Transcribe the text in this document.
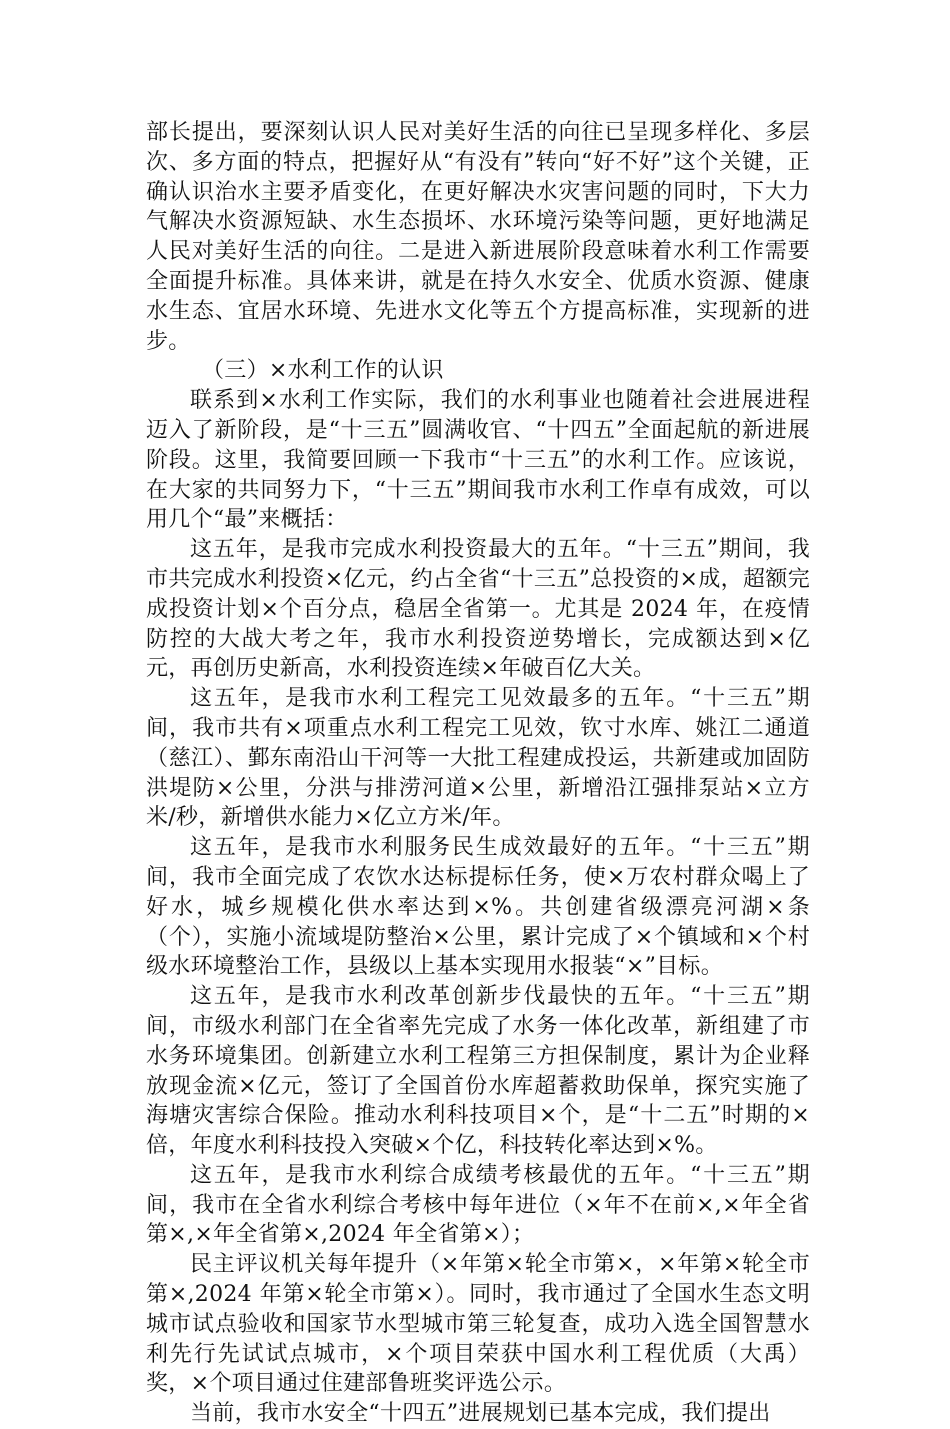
部长提出，要深刻认识人民对美好生活的向往已呈现多样化、多层次、多方面的特点，把握好从“有没有”转向“好不好”这个关键，正确认识治水主要矛盾变化，在更好解决水灾害问题的同时，下大力气解决水资源短缺、水生态损坏、水环境污染等问题，更好地满足人民对美好生活的向往。二是进入新进展阶段意味着水利工作需要全面提升标准。具体来讲，就是在持久水安全、优质水资源、健康水生态、宜居水环境、先进水文化等五个方提高标准，实现新的进步。

（三）×水利工作的认识

联系到×水利工作实际，我们的水利事业也随着社会进展进程迈入了新阶段，是“十三五”圆满收官、“十四五”全面起航的新进展阶段。这里，我简要回顾一下我市“十三五”的水利工作。应该说，在大家的共同努力下，“十三五”期间我市水利工作卓有成效，可以用几个“最”来概括：

这五年，是我市完成水利投资最大的五年。“十三五”期间，我市共完成水利投资×亿元，约占全省“十三五”总投资的×成，超额完成投资计划×个百分点，稳居全省第一。尤其是 2024 年，在疫情防控的大战大考之年，我市水利投资逆势增长，完成额达到×亿元，再创历史新高，水利投资连续×年破百亿大关。

这五年，是我市水利工程完工见效最多的五年。“十三五”期间，我市共有×项重点水利工程完工见效，钦寸水库、姚江二通道（慈江）、鄞东南沿山干河等一大批工程建成投运，共新建或加固防洪堤防×公里，分洪与排涝河道×公里，新增沿江强排泵站×立方米/秒，新增供水能力×亿立方米/年。

这五年，是我市水利服务民生成效最好的五年。“十三五”期间，我市全面完成了农饮水达标提标任务，使×万农村群众喝上了好水，城乡规模化供水率达到×%。共创建省级漂亮河湖×条（个），实施小流域堤防整治×公里，累计完成了×个镇域和×个村级水环境整治工作，县级以上基本实现用水报装“×”目标。

这五年，是我市水利改革创新步伐最快的五年。“十三五”期间，市级水利部门在全省率先完成了水务一体化改革，新组建了市水务环境集团。创新建立水利工程第三方担保制度，累计为企业释放现金流×亿元，签订了全国首份水库超蓄救助保单，探究实施了海塘灾害综合保险。推动水利科技项目×个，是“十二五”时期的×倍，年度水利科技投入突破×个亿，科技转化率达到×%。

这五年，是我市水利综合成绩考核最优的五年。“十三五”期间，我市在全省水利综合考核中每年进位（×年不在前×,×年全省第×,×年全省第×,2024 年全省第×）；

民主评议机关每年提升（×年第×轮全市第×，×年第×轮全市第×,2024 年第×轮全市第×）。同时，我市通过了全国水生态文明城市试点验收和国家节水型城市第三轮复查，成功入选全国智慧水利先行先试试点城市，×个项目荣获中国水利工程优质（大禹）奖，×个项目通过住建部鲁班奖评选公示。

当前，我市水安全“十四五”进展规划已基本完成，我们提出
